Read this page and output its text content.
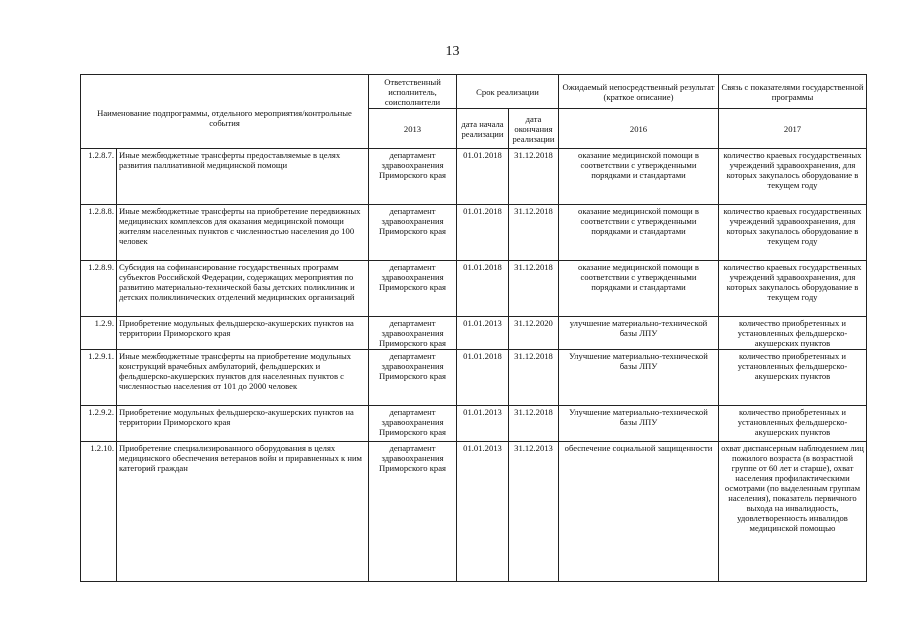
13
Наименование подпрограммы, отдельного мероприятия/контрольные события		Ответственный исполнитель, соисполнители	Срок реализации		Ожидаемый непосредственный результат (краткое описание)	Связь с показателями государственной программы
		2013	дата начала реализации	дата окончания реализации	2016	2017
1.2.8.7.	Иные межбюджетные трансферты предоставляемые в целях развития паллиативной медицинской помощи	департамент здравоохранения Приморского края	01.01.2018	31.12.2018	оказание медицинской помощи в соответствии с утвержденными порядками и стандартами	количество краевых государственных учреждений здравоохранения, для которых закупалось оборудование в текущем году
1.2.8.8.	Иные межбюджетные трансферты на приобретение передвижных медицинских комплексов для оказания медицинской помощи жителям населенных пунктов с численностью населения до 100 человек	департамент здравоохранения Приморского края	01.01.2018	31.12.2018	оказание медицинской помощи в соответствии с утвержденными порядками и стандартами	количество краевых государственных учреждений здравоохранения, для которых закупалось оборудование в текущем году
1.2.8.9.	Субсидия на софинансирование государственных программ субъектов Российской Федерации, содержащих мероприятия по развитию материально-технической базы детских поликлиник и детских поликлинических отделений медицинских организаций	департамент здравоохранения Приморского края	01.01.2018	31.12.2018	оказание медицинской помощи в соответствии с утвержденными порядками и стандартами	количество краевых государственных учреждений здравоохранения, для которых закупалось оборудование в текущем году
1.2.9.	Приобретение модульных фельдшерско-акушерских пунктов на территории Приморского края	департамент здравоохранения Приморского края	01.01.2013	31.12.2020	улучшение материально-технической базы ЛПУ	количество приобретенных и установленных фельдшерско-акушерских пунктов
1.2.9.1.	Иные межбюджетные трансферты на приобретение модульных конструкций врачебных амбулаторий, фельдшерских и фельдшерско-акушерских пунктов для населенных пунктов с численностью населения от 101 до 2000 человек	департамент здравоохранения Приморского края	01.01.2018	31.12.2018	Улучшение материально-технической базы ЛПУ	количество приобретенных и установленных фельдшерско-акушерских пунктов
1.2.9.2.	Приобретение модульных фельдшерско-акушерских пунктов на территории Приморского края	департамент здравоохранения Приморского края	01.01.2013	31.12.2018	Улучшение материально-технической базы ЛПУ	количество приобретенных и установленных фельдшерско-акушерских пунктов
1.2.10.	Приобретение специализированного оборудования в целях медицинского обеспечения ветеранов войн и приравненных к ним категорий граждан	департамент здравоохранения Приморского края	01.01.2013	31.12.2013	обеспечение социальной защищенности	охват диспансерным наблюдением лиц пожилого возраста (в возрастной группе от 60 лет и старше), охват населения профилактическими осмотрами (по выделенным группам населения), показатель первичного выхода на инвалидность, удовлетворенность инвалидов медицинской помощью
